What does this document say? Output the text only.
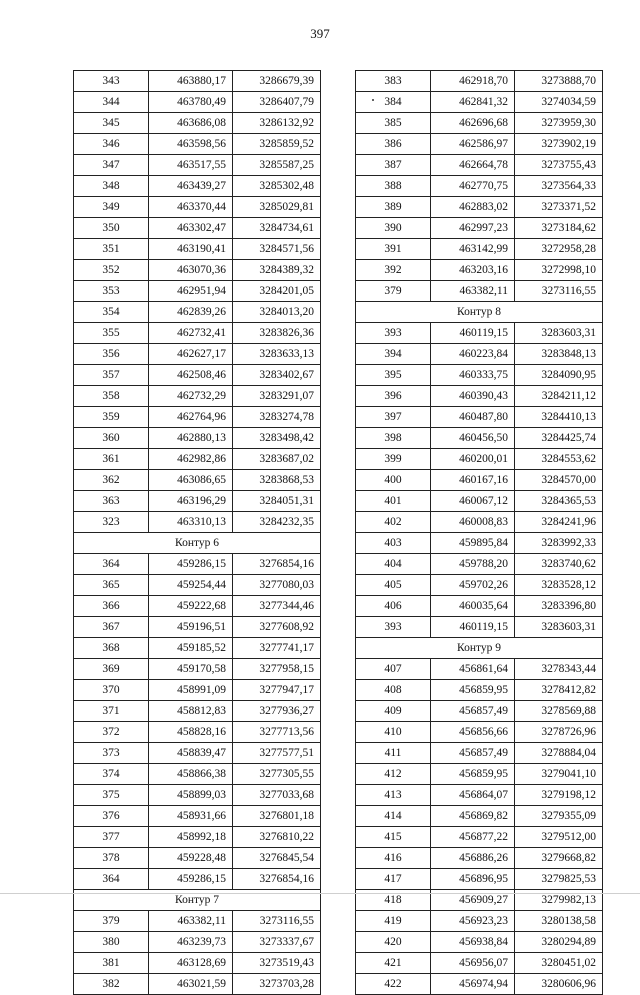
397
343	463880,17	3286679,39
344	463780,49	3286407,79
345	463686,08	3286132,92
346	463598,56	3285859,52
347	463517,55	3285587,25
348	463439,27	3285302,48
349	463370,44	3285029,81
350	463302,47	3284734,61
351	463190,41	3284571,56
352	463070,36	3284389,32
353	462951,94	3284201,05
354	462839,26	3284013,20
355	462732,41	3283826,36
356	462627,17	3283633,13
357	462508,46	3283402,67
358	462732,29	3283291,07
359	462764,96	3283274,78
360	462880,13	3283498,42
361	462982,86	3283687,02
362	463086,65	3283868,53
363	463196,29	3284051,31
323	463310,13	3284232,35
Контур 6		
364	459286,15	3276854,16
365	459254,44	3277080,03
366	459222,68	3277344,46
367	459196,51	3277608,92
368	459185,52	3277741,17
369	459170,58	3277958,15
370	458991,09	3277947,17
371	458812,83	3277936,27
372	458828,16	3277713,56
373	458839,47	3277577,51
374	458866,38	3277305,55
375	458899,03	3277033,68
376	458931,66	3276801,18
377	458992,18	3276810,22
378	459228,48	3276845,54
364	459286,15	3276854,16
Контур 7		
379	463382,11	3273116,55
380	463239,73	3273337,67
381	463128,69	3273519,43
382	463021,59	3273703,28
383	462918,70	3273888,70
384	462841,32	3274034,59
385	462696,68	3273959,30
386	462586,97	3273902,19
387	462664,78	3273755,43
388	462770,75	3273564,33
389	462883,02	3273371,52
390	462997,23	3273184,62
391	463142,99	3272958,28
392	463203,16	3272998,10
379	463382,11	3273116,55
Контур 8		
393	460119,15	3283603,31
394	460223,84	3283848,13
395	460333,75	3284090,95
396	460390,43	3284211,12
397	460487,80	3284410,13
398	460456,50	3284425,74
399	460200,01	3284553,62
400	460167,16	3284570,00
401	460067,12	3284365,53
402	460008,83	3284241,96
403	459895,84	3283992,33
404	459788,20	3283740,62
405	459702,26	3283528,12
406	460035,64	3283396,80
393	460119,15	3283603,31
Контур 9		
407	456861,64	3278343,44
408	456859,95	3278412,82
409	456857,49	3278569,88
410	456856,66	3278726,96
411	456857,49	3278884,04
412	456859,95	3279041,10
413	456864,07	3279198,12
414	456869,82	3279355,09
415	456877,22	3279512,00
416	456886,26	3279668,82
417	456896,95	3279825,53
418	456909,27	3279982,13
419	456923,23	3280138,58
420	456938,84	3280294,89
421	456956,07	3280451,02
422	456974,94	3280606,96
